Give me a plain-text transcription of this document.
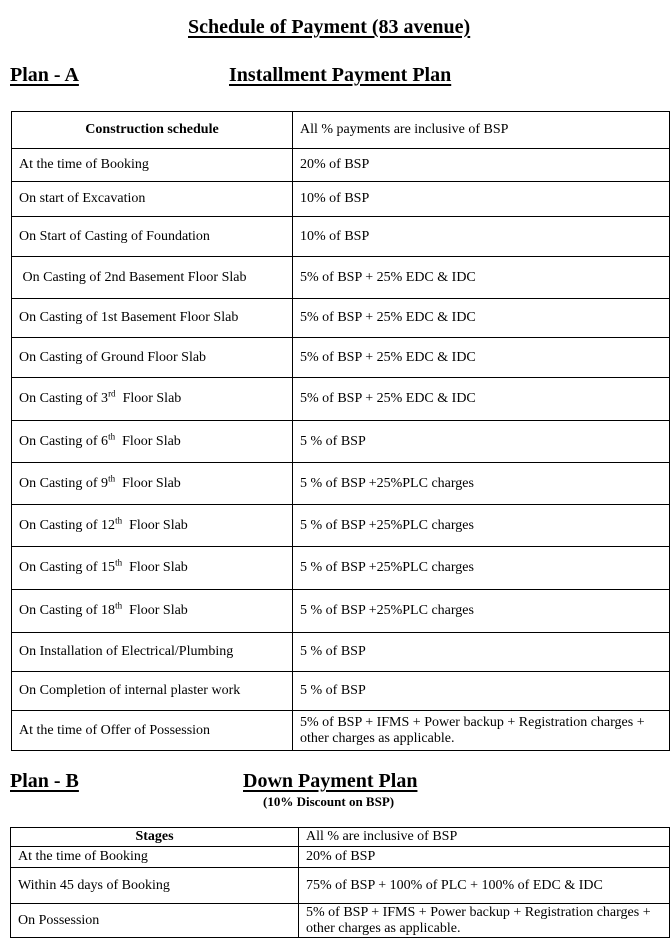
Schedule of Payment (83 avenue)
Plan - A	Installment Payment Plan
Construction schedule	All % payments are inclusive of BSP
At the time of Booking	20% of BSP
On start of Excavation	10% of BSP
On Start of Casting of Foundation	10% of BSP
On Casting of 2nd Basement Floor Slab	5% of BSP + 25% EDC & IDC
On Casting of 1st Basement Floor Slab	5% of BSP + 25% EDC & IDC
On Casting of Ground Floor Slab	5% of BSP + 25% EDC & IDC
On Casting of 3rd  Floor Slab	5% of BSP + 25% EDC & IDC
On Casting of 6th  Floor Slab	5 % of BSP
On Casting of 9th  Floor Slab	5 % of BSP +25%PLC charges
On Casting of 12th  Floor Slab	5 % of BSP +25%PLC charges
On Casting of 15th  Floor Slab	5 % of BSP +25%PLC charges
On Casting of 18th  Floor Slab	5 % of BSP +25%PLC charges
On Installation of Electrical/Plumbing	5 % of BSP
On Completion of internal plaster work	5 % of BSP
At the time of Offer of Possession	5% of BSP + IFMS + Power backup + Registration charges + other charges as applicable.
Plan - B	Down Payment Plan
(10% Discount on BSP)
Stages	All % are inclusive of BSP
At the time of Booking	20% of BSP
Within 45 days of Booking	75% of BSP + 100% of PLC + 100% of EDC & IDC
On Possession	5% of BSP + IFMS + Power backup + Registration charges + other charges as applicable.
